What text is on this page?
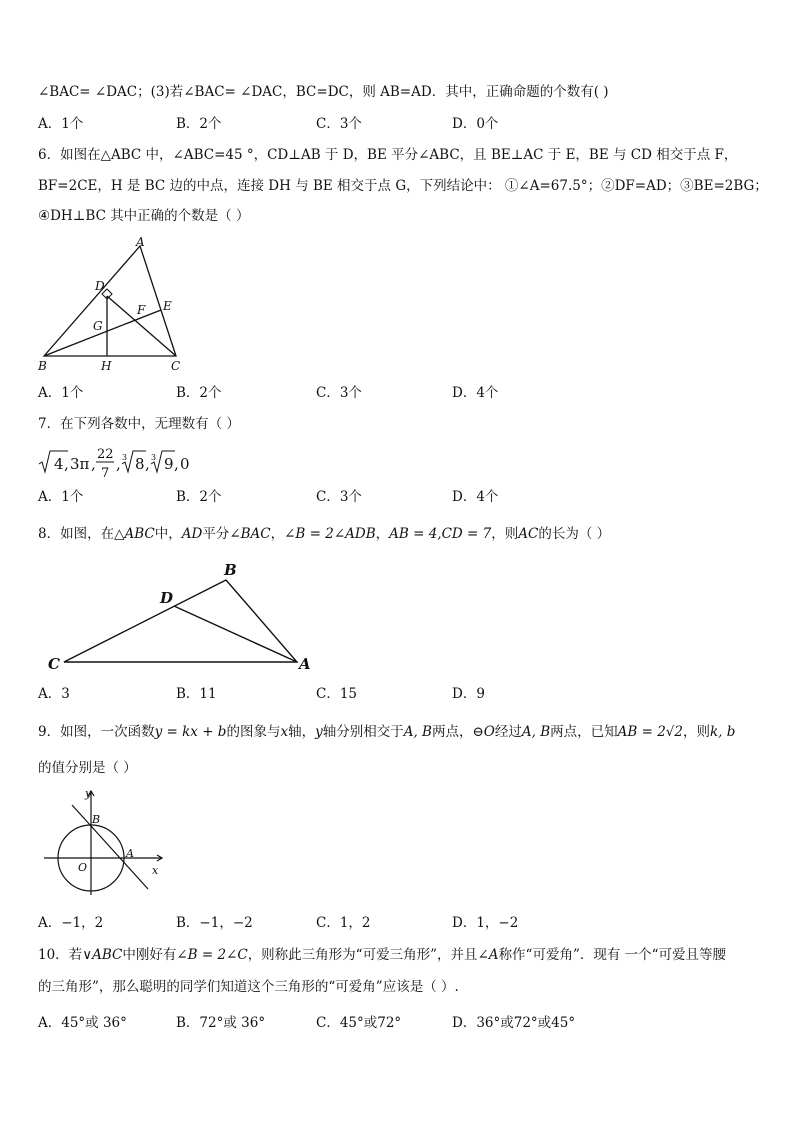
∠BAC= ∠DAC；(3)若∠BAC= ∠DAC，BC=DC，则 AB=AD．其中，正确命题的个数有( )
A．1个	B．2个	C．3个	D．0个
6．如图在△ABC 中，∠ABC=45 °，CD⊥AB 于 D，BE 平分∠ABC，且 BE⊥AC 于 E，BE 与 CD 相交于点 F，
BF=2CE，H 是 BC 边的中点，连接 DH 与 BE 相交于点 G，下列结论中： ①∠A=67.5°；②DF=AD；③BE=2BG；
④DH⊥BC 其中正确的个数是（ ）
A
B	C
D
E
F
G
H
A．1个	B．2个	C．3个	D．4个
7．在下列各数中，无理数有（ ）
4 , 3π ,
22
7
, 3 8 , 3 9 , 0
A．1个	B．2个	C．3个	D．4个
8．如图，在△ABC中，AD平分∠BAC，∠B = 2∠ADB，AB = 4,CD = 7，则AC的长为（ ）
B
D
C	A
A．3	B．11	C．15	D．9
9．如图，一次函数y = kx + b的图象与x轴，y轴分别相交于A, B两点，⊖O经过A, B两点，已知AB = 2√2，则k, b
的值分别是（ ）
y
x
O
A
B
A．−1，2	B．−1，−2	C．1，2	D．1，−2
10．若∨ABC中刚好有∠B = 2∠C，则称此三角形为“可爱三角形”，并且∠A称作“可爱角”．现有 一个“可爱且等腰
的三角形”，那么聪明的同学们知道这个三角形的“可爱角”应该是（ ）.
A．45°或 36°	B．72°或 36°	C．45°或72°	D．36°或72°或45°
